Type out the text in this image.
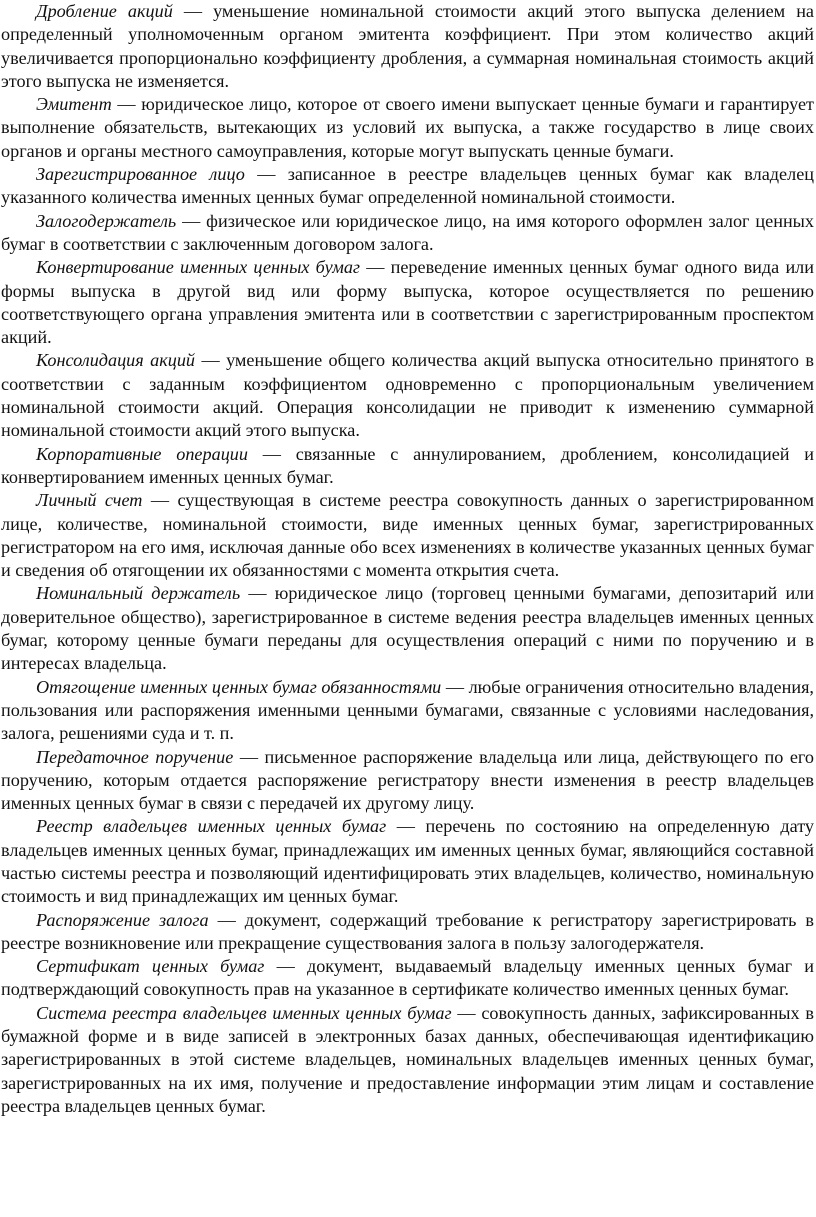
Дробление акций — уменьшение номинальной стоимости акций этого выпуска делением на определенный уполномоченным органом эмитента коэффициент. При этом количество акций увеличивается пропорционально коэффициенту дробления, а суммарная номинальная стоимость акций этого выпуска не изменяется.

Эмитент — юридическое лицо, которое от своего имени выпускает ценные бумаги и гарантирует выполнение обязательств, вытекающих из условий их выпуска, а также государство в лице своих органов и органы местного самоуправления, которые могут выпускать ценные бумаги.

Зарегистрированное лицо — записанное в реестре владельцев ценных бумаг как владелец указанного количества именных ценных бумаг определенной номинальной стоимости.

Залогодержатель — физическое или юридическое лицо, на имя которого оформлен залог ценных бумаг в соответствии с заключенным договором залога.

Конвертирование именных ценных бумаг — переведение именных ценных бумаг одного вида или формы выпуска в другой вид или форму выпуска, которое осуществляется по решению соответствующего органа управления эмитента или в соответствии с зарегистрированным проспектом акций.

Консолидация акций — уменьшение общего количества акций выпуска относительно принятого в соответствии с заданным коэффициентом одновременно с пропорциональным увеличением номинальной стоимости акций. Операция консолидации не приводит к изменению суммарной номинальной стоимости акций этого выпуска.

Корпоративные операции — связанные с аннулированием, дроблением, консолидацией и конвертированием именных ценных бумаг.

Личный счет — существующая в системе реестра совокупность данных о зарегистрированном лице, количестве, номинальной стоимости, виде именных ценных бумаг, зарегистрированных регистратором на его имя, исключая данные обо всех изменениях в количестве указанных ценных бумаг и сведения об отягощении их обязанностями с момента открытия счета.

Номинальный держатель — юридическое лицо (торговец ценными бумагами, депозитарий или доверительное общество), зарегистрированное в системе ведения реестра владельцев именных ценных бумаг, которому ценные бумаги переданы для осуществления операций с ними по поручению и в интересах владельца.

Отягощение именных ценных бумаг обязанностями — любые ограничения относительно владения, пользования или распоряжения именными ценными бумагами, связанные с условиями наследования, залога, решениями суда и т. п.

Передаточное поручение — письменное распоряжение владельца или лица, действующего по его поручению, которым отдается распоряжение регистратору внести изменения в реестр владельцев именных ценных бумаг в связи с передачей их другому лицу.

Реестр владельцев именных ценных бумаг — перечень по состоянию на определенную дату владельцев именных ценных бумаг, принадлежащих им именных ценных бумаг, являющийся составной частью системы реестра и позволяющий идентифицировать этих владельцев, количество, номинальную стоимость и вид принадлежащих им ценных бумаг.

Распоряжение залога — документ, содержащий требование к регистратору зарегистрировать в реестре возникновение или прекращение существования залога в пользу залогодержателя.

Сертификат ценных бумаг — документ, выдаваемый владельцу именных ценных бумаг и подтверждающий совокупность прав на указанное в сертификате количество именных ценных бумаг.

Система реестра владельцев именных ценных бумаг — совокупность данных, зафиксированных в бумажной форме и в виде записей в электронных базах данных, обеспечивающая идентификацию зарегистрированных в этой системе владельцев, номинальных владельцев именных ценных бумаг, зарегистрированных на их имя, получение и предоставление информации этим лицам и составление реестра владельцев ценных бумаг.
